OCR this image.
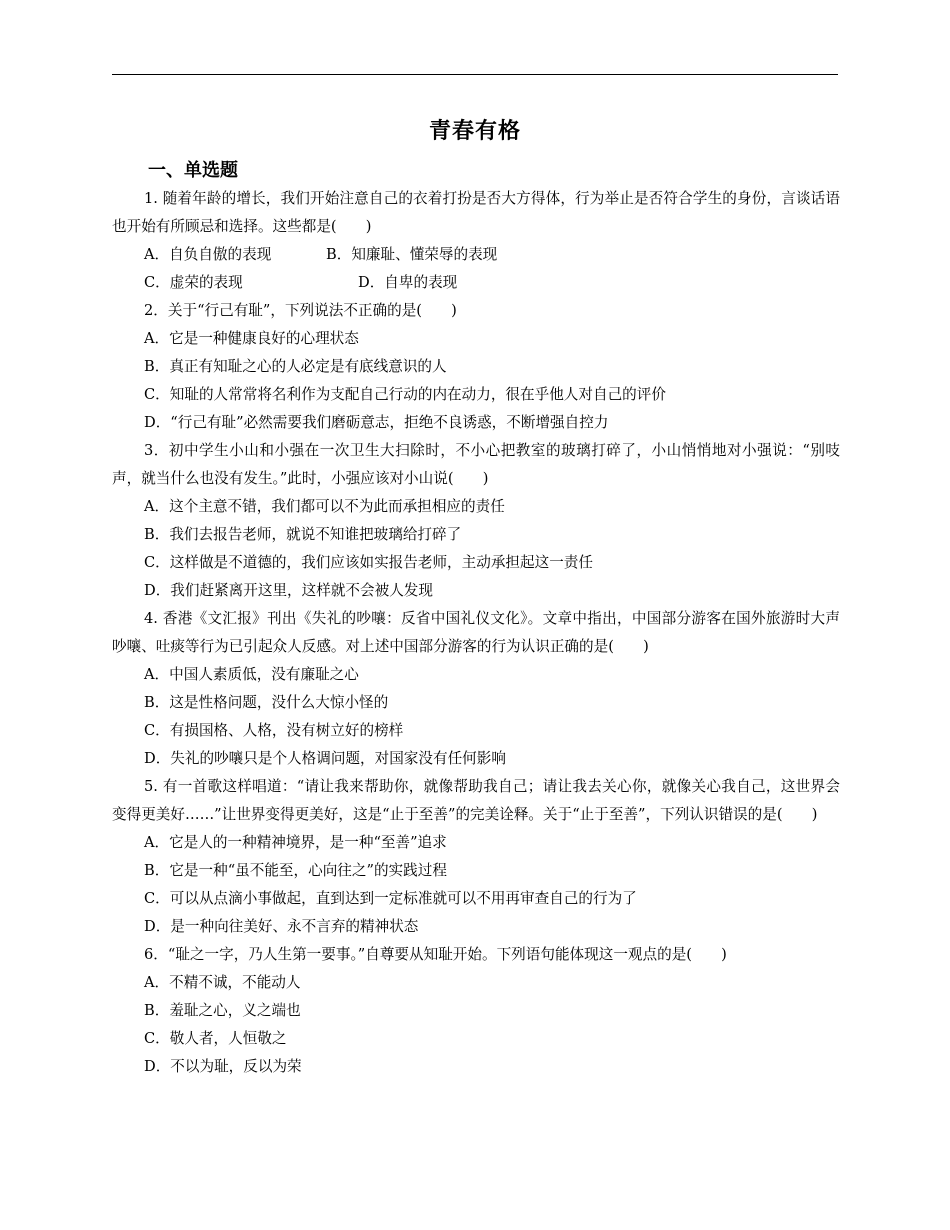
青春有格
一、单选题
1. 随着年龄的增长，我们开始注意自己的衣着打扮是否大方得体，行为举止是否符合学生的身份，言谈话语也开始有所顾忌和选择。这些都是(　　)
A．自负自傲的表现	B．知廉耻、懂荣辱的表现
C．虚荣的表现	D．自卑的表现
2．关于“行己有耻”，下列说法不正确的是(　　)
A．它是一种健康良好的心理状态
B．真正有知耻之心的人必定是有底线意识的人
C．知耻的人常常将名利作为支配自己行动的内在动力，很在乎他人对自己的评价
D．“行己有耻”必然需要我们磨砺意志，拒绝不良诱惑，不断增强自控力
3．初中学生小山和小强在一次卫生大扫除时，不小心把教室的玻璃打碎了，小山悄悄地对小强说：“别吱声，就当什么也没有发生。”此时，小强应该对小山说(　　)
A．这个主意不错，我们都可以不为此而承担相应的责任
B．我们去报告老师，就说不知谁把玻璃给打碎了
C．这样做是不道德的，我们应该如实报告老师，主动承担起这一责任
D．我们赶紧离开这里，这样就不会被人发现
4. 香港《文汇报》刊出《失礼的吵嚷：反省中国礼仪文化》。文章中指出，中国部分游客在国外旅游时大声吵嚷、吐痰等行为已引起众人反感。对上述中国部分游客的行为认识正确的是(　　)
A．中国人素质低，没有廉耻之心
B．这是性格问题，没什么大惊小怪的
C．有损国格、人格，没有树立好的榜样
D．失礼的吵嚷只是个人格调问题，对国家没有任何影响
5. 有一首歌这样唱道：“请让我来帮助你，就像帮助我自己；请让我去关心你，就像关心我自己，这世界会变得更美好……”让世界变得更美好，这是“止于至善”的完美诠释。关于“止于至善”，下列认识错误的是(　　)
A．它是人的一种精神境界，是一种“至善”追求
B．它是一种“虽不能至，心向往之”的实践过程
C．可以从点滴小事做起，直到达到一定标准就可以不用再审查自己的行为了
D．是一种向往美好、永不言弃的精神状态
6．“耻之一字，乃人生第一要事。”自尊要从知耻开始。下列语句能体现这一观点的是(　　)
A．不精不诚，不能动人
B．羞耻之心，义之端也
C．敬人者，人恒敬之
D．不以为耻，反以为荣
